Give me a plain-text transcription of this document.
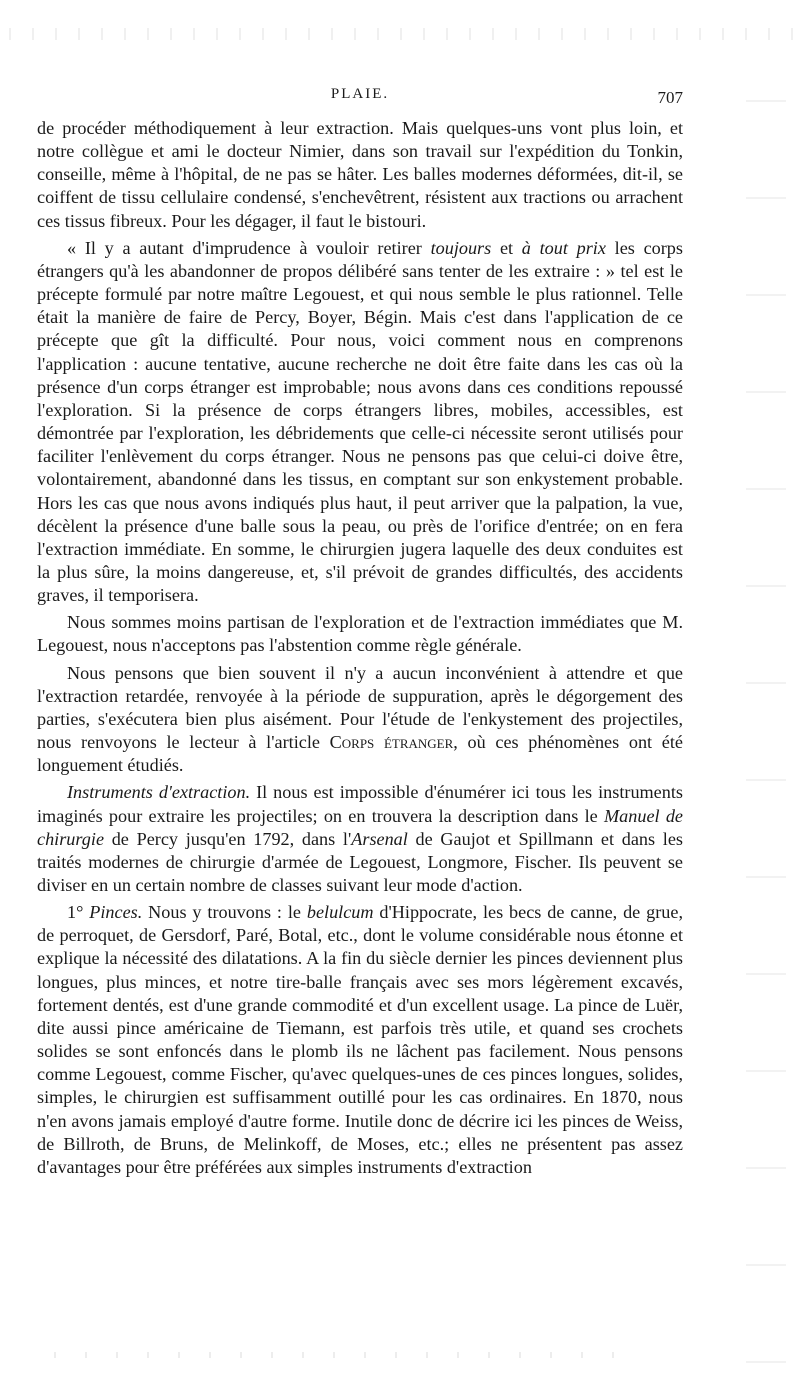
PLAIE.	707

de procéder méthodiquement à leur extraction. Mais quelques-uns vont plus loin, et notre collègue et ami le docteur Nimier, dans son travail sur l'expédition du Tonkin, conseille, même à l'hôpital, de ne pas se hâter. Les balles modernes déformées, dit-il, se coiffent de tissu cellulaire condensé, s'enchevêtrent, résistent aux tractions ou arrachent ces tissus fibreux. Pour les dégager, il faut le bistouri.

« Il y a autant d'imprudence à vouloir retirer toujours et à tout prix les corps étrangers qu'à les abandonner de propos délibéré sans tenter de les extraire : » tel est le précepte formulé par notre maître Legouest, et qui nous semble le plus rationnel. Telle était la manière de faire de Percy, Boyer, Bégin. Mais c'est dans l'application de ce précepte que gît la difficulté. Pour nous, voici comment nous en comprenons l'application : aucune tentative, aucune recherche ne doit être faite dans les cas où la présence d'un corps étranger est improbable; nous avons dans ces conditions repoussé l'exploration. Si la présence de corps étrangers libres, mobiles, accessibles, est démontrée par l'exploration, les débridements que celle-ci nécessite seront utilisés pour faciliter l'enlèvement du corps étranger. Nous ne pensons pas que celui-ci doive être, volontairement, abandonné dans les tissus, en comptant sur son enkystement probable. Hors les cas que nous avons indiqués plus haut, il peut arriver que la palpation, la vue, décèlent la présence d'une balle sous la peau, ou près de l'orifice d'entrée; on en fera l'extraction immédiate. En somme, le chirurgien jugera laquelle des deux conduites est la plus sûre, la moins dangereuse, et, s'il prévoit de grandes difficultés, des accidents graves, il temporisera.

Nous sommes moins partisan de l'exploration et de l'extraction immédiates que M. Legouest, nous n'acceptons pas l'abstention comme règle générale.

Nous pensons que bien souvent il n'y a aucun inconvénient à attendre et que l'extraction retardée, renvoyée à la période de suppuration, après le dégorgement des parties, s'exécutera bien plus aisément. Pour l'étude de l'enkystement des projectiles, nous renvoyons le lecteur à l'article Corps étranger, où ces phénomènes ont été longuement étudiés.

Instruments d'extraction. Il nous est impossible d'énumérer ici tous les instruments imaginés pour extraire les projectiles; on en trouvera la description dans le Manuel de chirurgie de Percy jusqu'en 1792, dans l'Arsenal de Gaujot et Spillmann et dans les traités modernes de chirurgie d'armée de Legouest, Longmore, Fischer. Ils peuvent se diviser en un certain nombre de classes suivant leur mode d'action.

1° Pinces. Nous y trouvons : le belulcum d'Hippocrate, les becs de canne, de grue, de perroquet, de Gersdorf, Paré, Botal, etc., dont le volume considérable nous étonne et explique la nécessité des dilatations. A la fin du siècle dernier les pinces deviennent plus longues, plus minces, et notre tire-balle français avec ses mors légèrement excavés, fortement dentés, est d'une grande commodité et d'un excellent usage. La pince de Luër, dite aussi pince américaine de Tiemann, est parfois très utile, et quand ses crochets solides se sont enfoncés dans le plomb ils ne lâchent pas facilement. Nous pensons comme Legouest, comme Fischer, qu'avec quelques-unes de ces pinces longues, solides, simples, le chirurgien est suffisamment outillé pour les cas ordinaires. En 1870, nous n'en avons jamais employé d'autre forme. Inutile donc de décrire ici les pinces de Weiss, de Billroth, de Bruns, de Melinkoff, de Moses, etc.; elles ne présentent pas assez d'avantages pour être préférées aux simples instruments d'extraction
